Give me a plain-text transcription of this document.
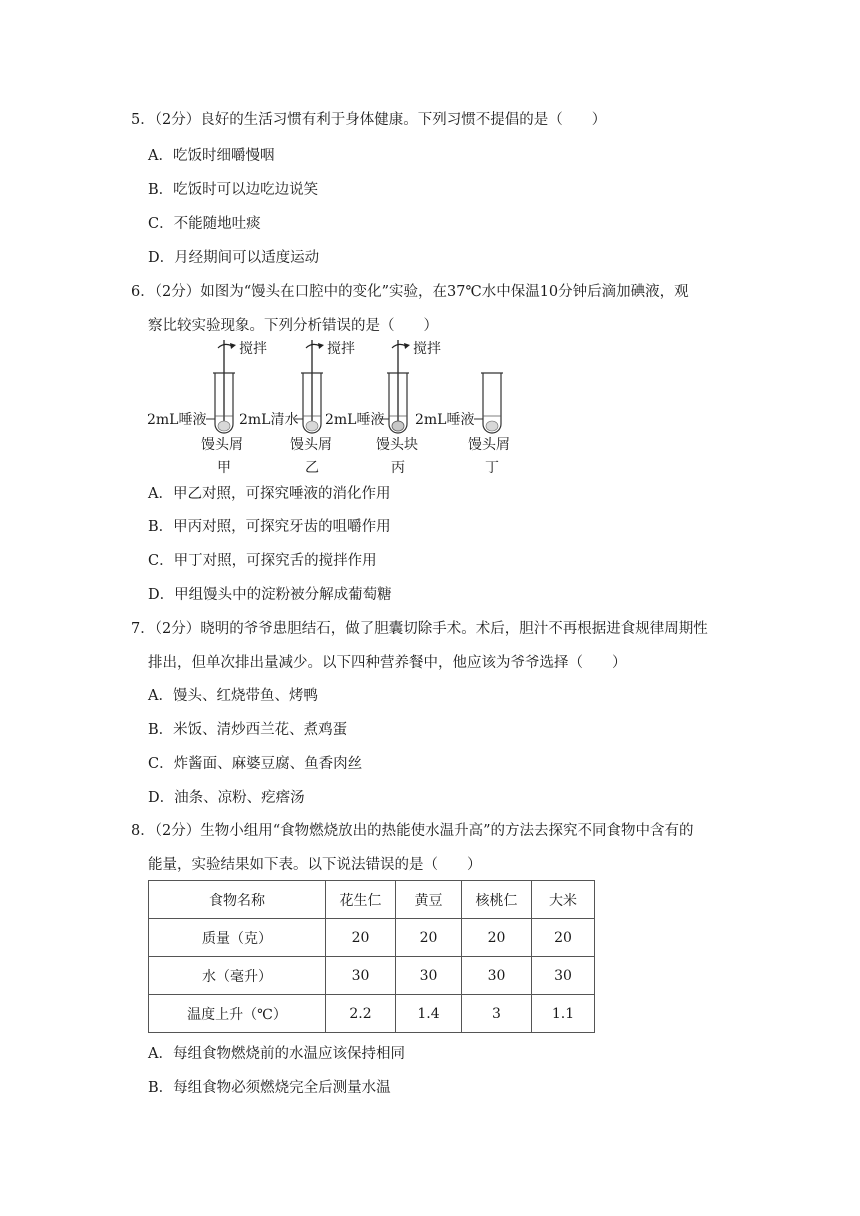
5．（2分）良好的生活习惯有利于身体健康。下列习惯不提倡的是（　　）
A．吃饭时细嚼慢咽
B．吃饭时可以边吃边说笑
C．不能随地吐痰
D．月经期间可以适度运动
6．（2分）如图为“馒头在口腔中的变化”实验，在37℃水中保温10分钟后滴加碘液，观
察比较实验现象。下列分析错误的是（　　）
搅拌
2mL唾液
馒头屑
甲
搅拌
2mL清水
馒头屑
乙
搅拌
2mL唾液
馒头块
丙
2mL唾液
馒头屑
丁
A．甲乙对照，可探究唾液的消化作用
B．甲丙对照，可探究牙齿的咀嚼作用
C．甲丁对照，可探究舌的搅拌作用
D．甲组馒头中的淀粉被分解成葡萄糖
7．（2分）晓明的爷爷患胆结石，做了胆囊切除手术。术后，胆汁不再根据进食规律周期性
排出，但单次排出量减少。以下四种营养餐中，他应该为爷爷选择（　　）
A．馒头、红烧带鱼、烤鸭
B．米饭、清炒西兰花、煮鸡蛋
C．炸酱面、麻婆豆腐、鱼香肉丝
D．油条、凉粉、疙瘩汤
8．（2分）生物小组用“食物燃烧放出的热能使水温升高”的方法去探究不同食物中含有的
能量，实验结果如下表。以下说法错误的是（　　）
食物名称	花生仁	黄豆	核桃仁	大米
质量（克）	20	20	20	20
水（毫升）	30	30	30	30
温度上升（℃）	2.2	1.4	3	1.1
A．每组食物燃烧前的水温应该保持相同
B．每组食物必须燃烧完全后测量水温
